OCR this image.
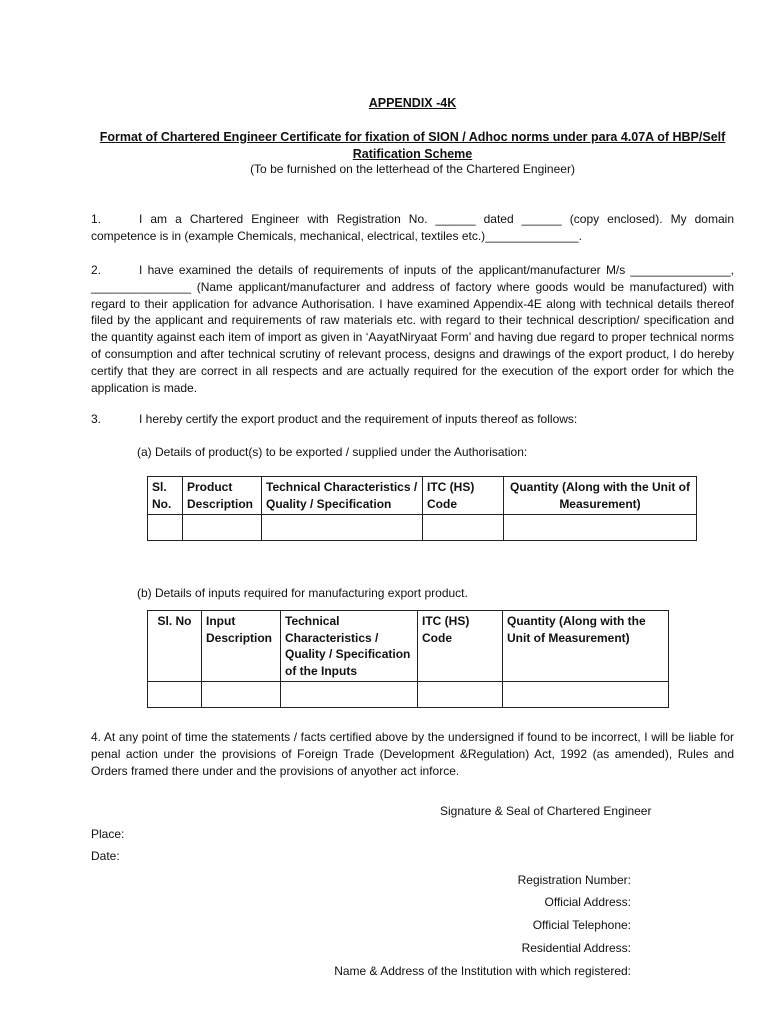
APPENDIX -4K
Format of Chartered Engineer Certificate for fixation of SION / Adhoc norms under para 4.07A of HBP/Self Ratification Scheme
(To be furnished on the letterhead of the Chartered Engineer)
1.	I am a Chartered Engineer with Registration No. ______ dated ______ (copy enclosed). My domain competence is in (example Chemicals, mechanical, electrical, textiles etc.)______________.
2.	I have examined the details of requirements of inputs of the applicant/manufacturer M/s _______________, _______________ (Name applicant/manufacturer and address of factory where goods would be manufactured) with regard to their application for advance Authorisation. I have examined Appendix-4E along with technical details thereof filed by the applicant and requirements of raw materials etc. with regard to their technical description/ specification and the quantity against each item of import as given in ‘AayatNiryaat Form’ and having due regard to proper technical norms of consumption and after technical scrutiny of relevant process, designs and drawings of the export product, I do hereby certify that they are correct in all respects and are actually required for the execution of the export order for which the application is made.
3.	I hereby certify the export product and the requirement of inputs thereof as follows:
(a) Details of product(s) to be exported / supplied under the Authorisation:
Sl. No.	Product Description	Technical Characteristics / Quality / Specification	ITC (HS) Code	Quantity (Along with the Unit of Measurement)

(b) Details of inputs required for manufacturing export product.
Sl. No	Input Description	Technical Characteristics / Quality / Specification of the Inputs	ITC (HS) Code	Quantity (Along with the Unit of Measurement)

4. At any point of time the statements / facts certified above by the undersigned if found to be incorrect, I will be liable for penal action under the provisions of Foreign Trade (Development &Regulation) Act, 1992 (as amended), Rules and Orders framed there under and the provisions of anyother act inforce.
Signature & Seal of Chartered Engineer
Place:
Date:
Registration Number:
Official Address:
Official Telephone:
Residential Address:
Name & Address of the Institution with which registered:
